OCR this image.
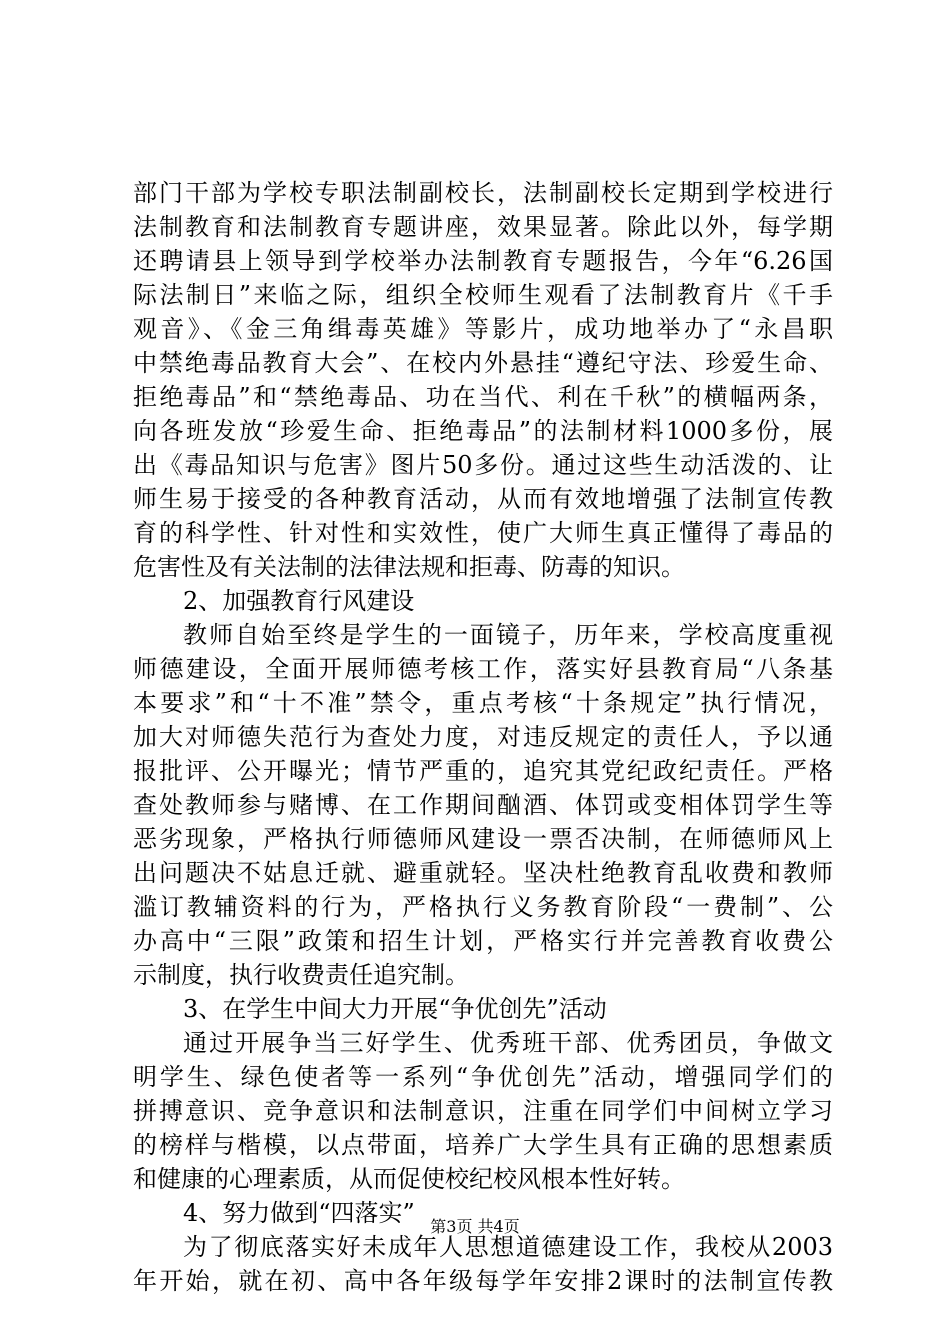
部门干部为学校专职法制副校长，法制副校长定期到学校进行
法制教育和法制教育专题讲座，效果显著。除此以外，每学期
还聘请县上领导到学校举办法制教育专题报告，今年“6.26国
际法制日”来临之际，组织全校师生观看了法制教育片《千手
观音》、《金三角缉毒英雄》等影片，成功地举办了“永昌职
中禁绝毒品教育大会”、在校内外悬挂“遵纪守法、珍爱生命、
拒绝毒品”和“禁绝毒品、功在当代、利在千秋”的横幅两条，
向各班发放“珍爱生命、拒绝毒品”的法制材料1000多份，展
出《毒品知识与危害》图片50多份。通过这些生动活泼的、让
师生易于接受的各种教育活动，从而有效地增强了法制宣传教
育的科学性、针对性和实效性，使广大师生真正懂得了毒品的
危害性及有关法制的法律法规和拒毒、防毒的知识。
2、加强教育行风建设
教师自始至终是学生的一面镜子，历年来，学校高度重视
师德建设，全面开展师德考核工作，落实好县教育局“八条基
本要求”和“十不准”禁令，重点考核“十条规定”执行情况，
加大对师德失范行为查处力度，对违反规定的责任人，予以通
报批评、公开曝光；情节严重的，追究其党纪政纪责任。严格
查处教师参与赌博、在工作期间酗酒、体罚或变相体罚学生等
恶劣现象，严格执行师德师风建设一票否决制，在师德师风上
出问题决不姑息迁就、避重就轻。坚决杜绝教育乱收费和教师
滥订教辅资料的行为，严格执行义务教育阶段“一费制”、公
办高中“三限”政策和招生计划，严格实行并完善教育收费公
示制度，执行收费责任追究制。
3、在学生中间大力开展“争优创先”活动
通过开展争当三好学生、优秀班干部、优秀团员，争做文
明学生、绿色使者等一系列“争优创先”活动，增强同学们的
拼搏意识、竞争意识和法制意识，注重在同学们中间树立学习
的榜样与楷模，以点带面，培养广大学生具有正确的思想素质
和健康的心理素质，从而促使校纪校风根本性好转。
4、努力做到“四落实”
为了彻底落实好未成年人思想道德建设工作，我校从2003
年开始，就在初、高中各年级每学年安排2课时的法制宣传教
第3页 共4页
